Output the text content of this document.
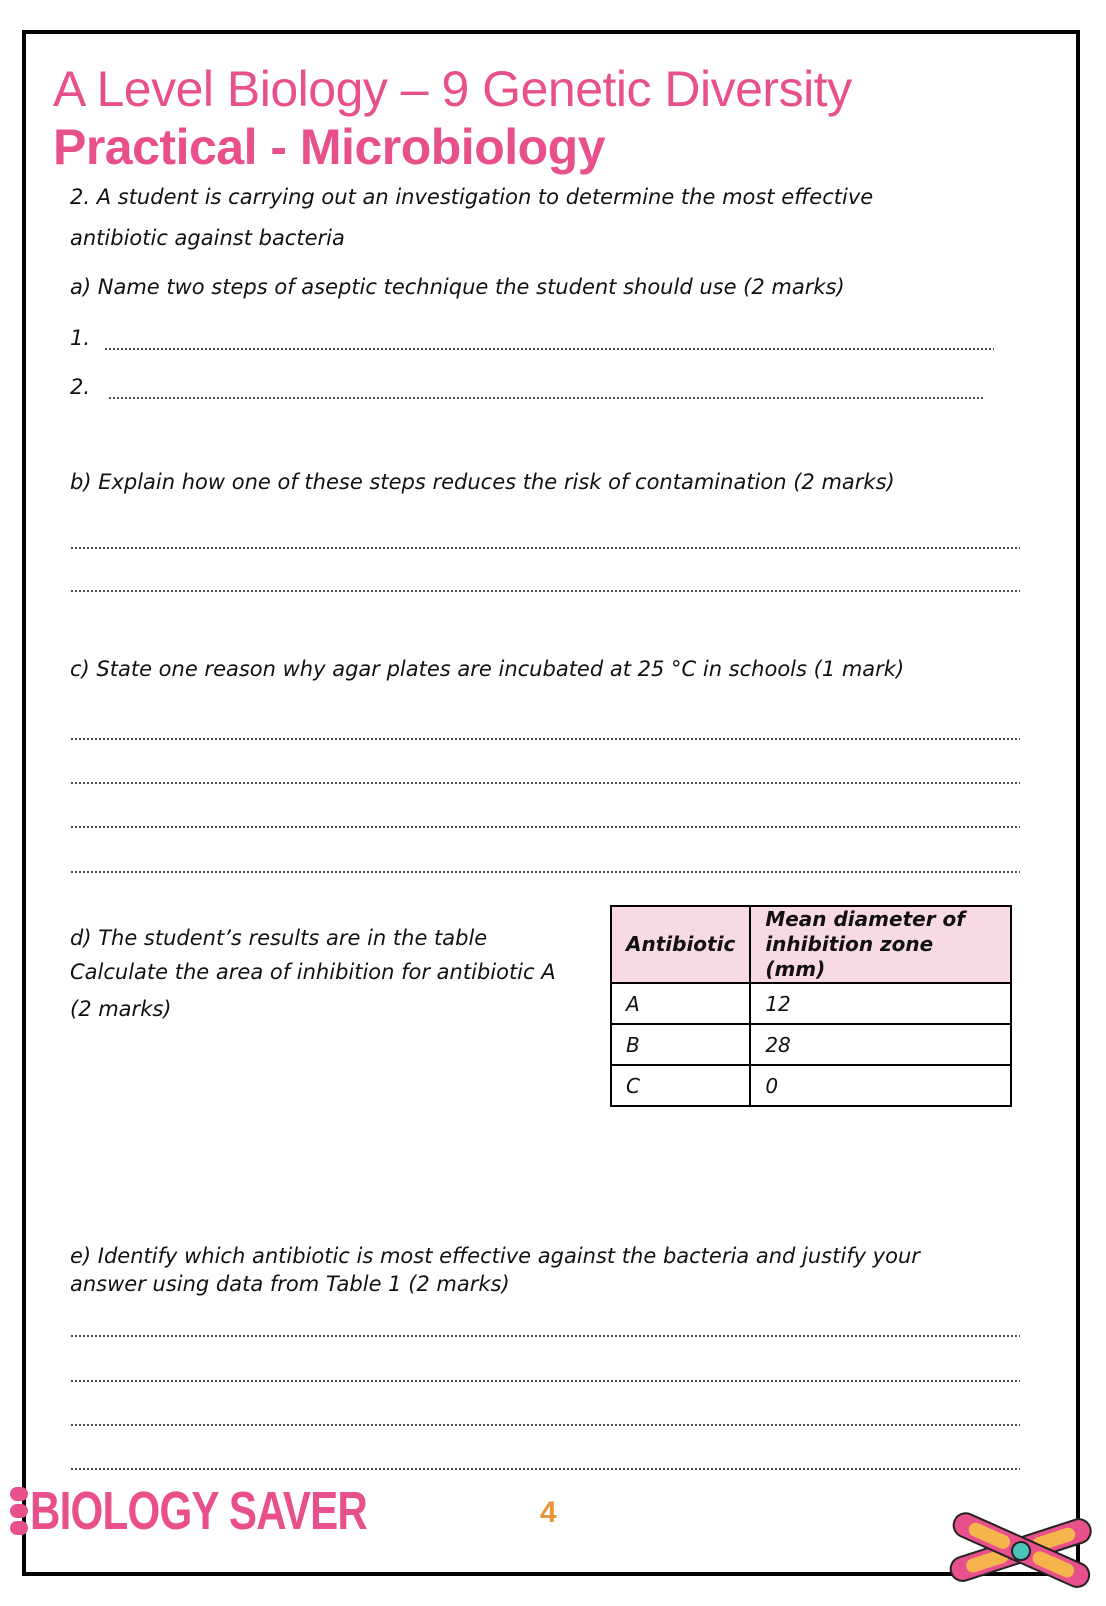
A Level Biology – 9 Genetic Diversity
Practical - Microbiology
2. A student is carrying out an investigation to determine the most effective
antibiotic against bacteria
a) Name two steps of aseptic technique the student should use (2 marks)
1.
2.
b) Explain how one of these steps reduces the risk of contamination (2 marks)
c) State one reason why agar plates are incubated at 25 °C in schools (1 mark)
d) The student’s results are in the table
Calculate the area of inhibition for antibiotic A
(2 marks)
Antibiotic	Mean diameter of inhibition zone (mm)
A	12
B	28
C	0
e) Identify which antibiotic is most effective against the bacteria and justify your
answer using data from Table 1 (2 marks)
BIOLOGY SAVER	4
